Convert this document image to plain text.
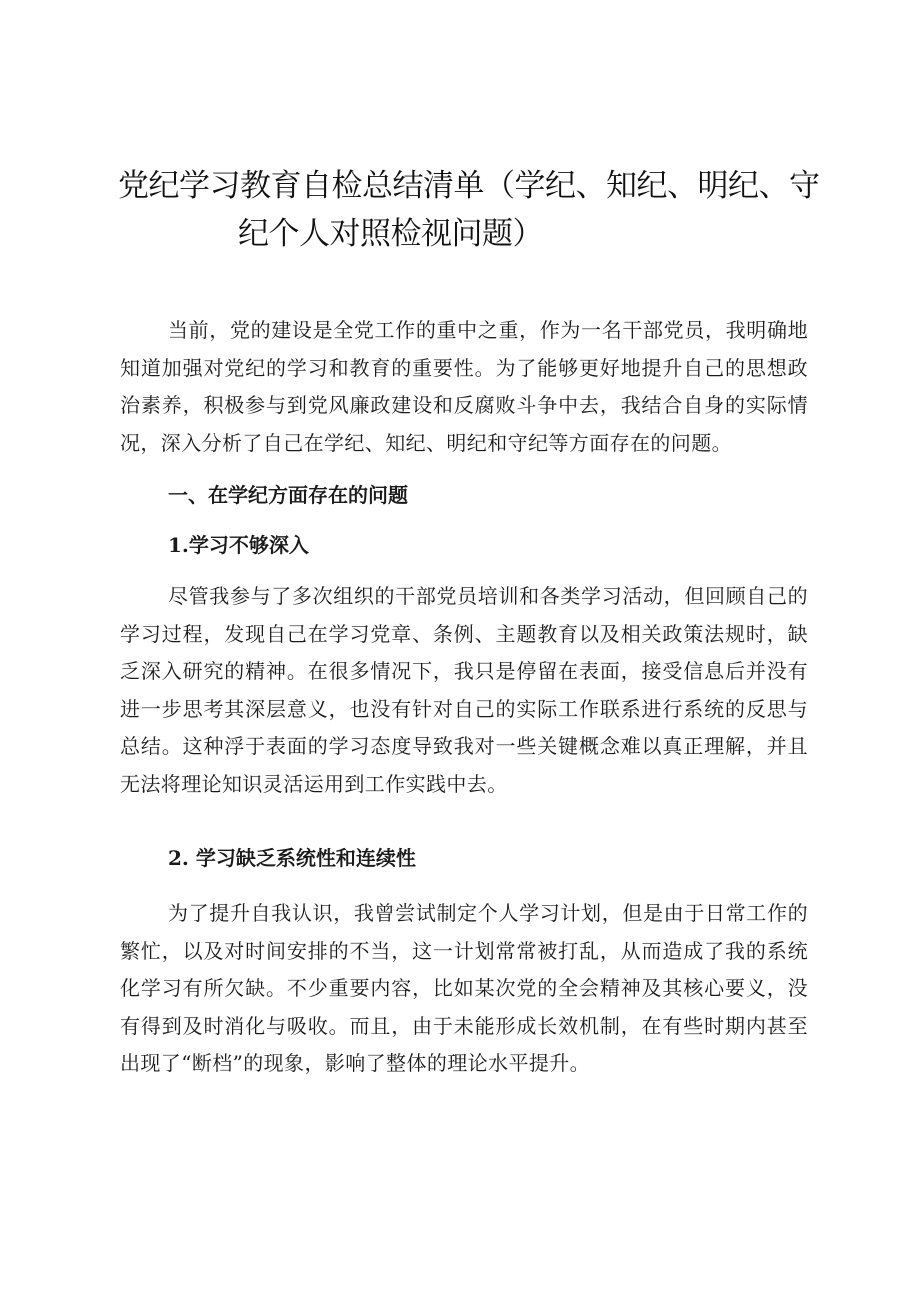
党纪学习教育自检总结清单（学纪、知纪、明纪、守
纪个人对照检视问题）

当前，党的建设是全党工作的重中之重，作为一名干部党员，我明确地知道加强对党纪的学习和教育的重要性。为了能够更好地提升自己的思想政治素养，积极参与到党风廉政建设和反腐败斗争中去，我结合自身的实际情况，深入分析了自己在学纪、知纪、明纪和守纪等方面存在的问题。

一、在学纪方面存在的问题

1.学习不够深入

尽管我参与了多次组织的干部党员培训和各类学习活动，但回顾自己的学习过程，发现自己在学习党章、条例、主题教育以及相关政策法规时，缺乏深入研究的精神。在很多情况下，我只是停留在表面，接受信息后并没有进一步思考其深层意义，也没有针对自己的实际工作联系进行系统的反思与总结。这种浮于表面的学习态度导致我对一些关键概念难以真正理解，并且无法将理论知识灵活运用到工作实践中去。

2. 学习缺乏系统性和连续性

为了提升自我认识，我曾尝试制定个人学习计划，但是由于日常工作的繁忙，以及对时间安排的不当，这一计划常常被打乱，从而造成了我的系统化学习有所欠缺。不少重要内容，比如某次党的全会精神及其核心要义，没有得到及时消化与吸收。而且，由于未能形成长效机制，在有些时期内甚至出现了“断档”的现象，影响了整体的理论水平提升。
